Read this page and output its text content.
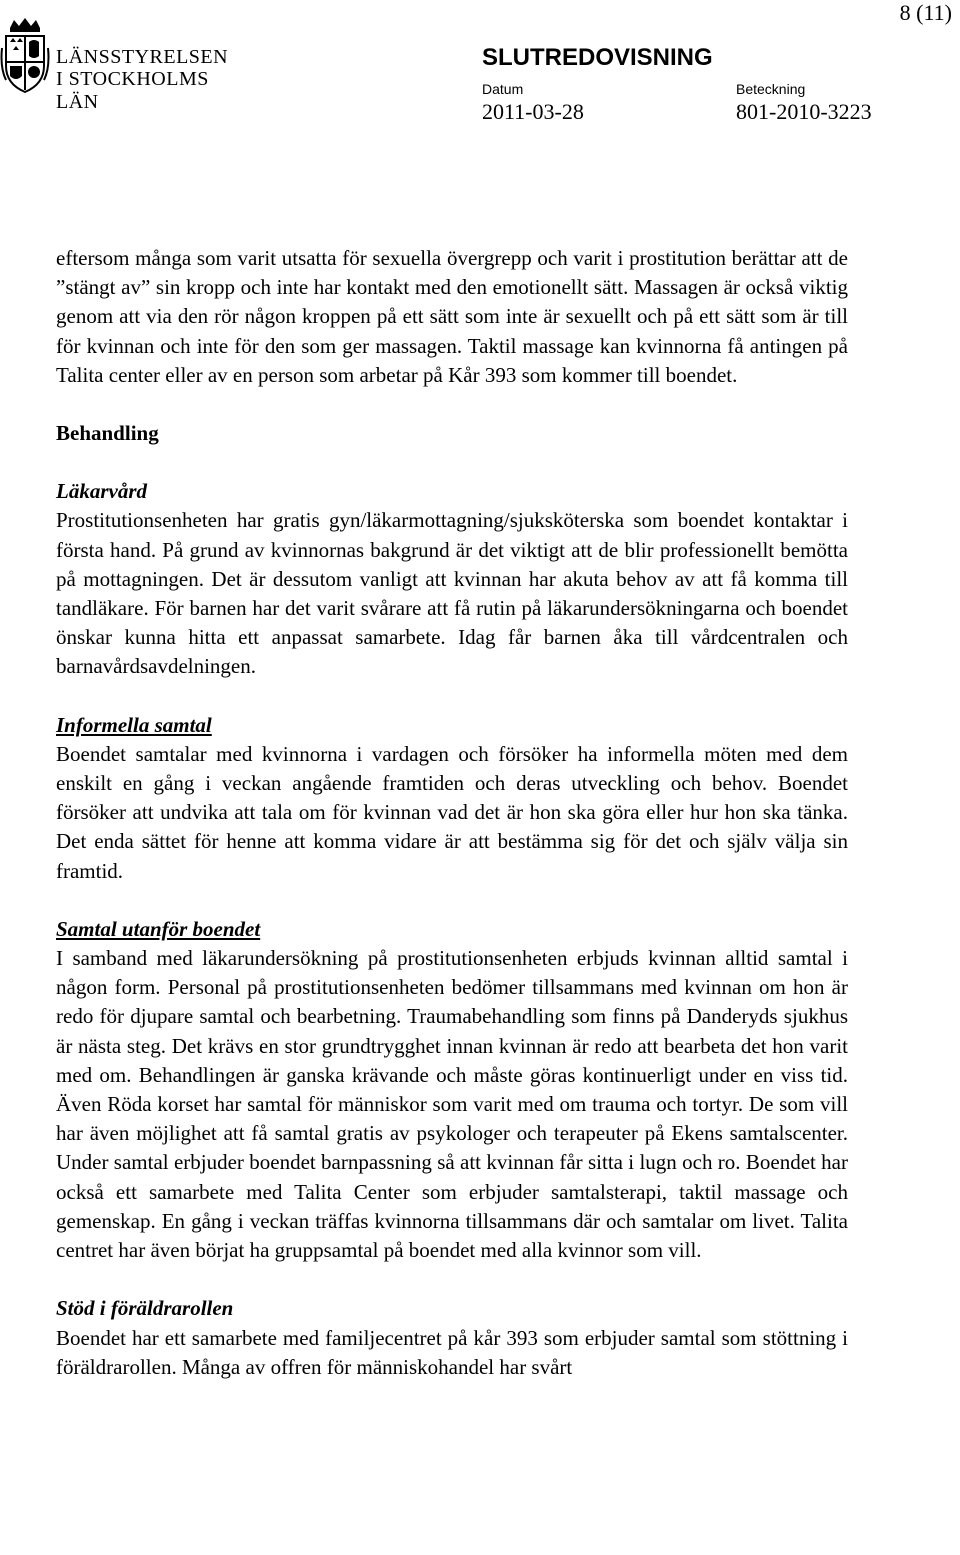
8 (11)
LÄNSSTYRELSEN
I STOCKHOLMS LÄN
SLUTREDOVISNING
Datum
2011-03-28
Beteckning
801-2010-3223

eftersom många som varit utsatta för sexuella övergrepp och varit i prostitution berättar att de ”stängt av” sin kropp och inte har kontakt med den emotionellt sätt. Massagen är också viktig genom att via den rör någon kroppen på ett sätt som inte är sexuellt och på ett sätt som är till för kvinnan och inte för den som ger massagen. Taktil massage kan kvinnorna få antingen på Talita center eller av en person som arbetar på Kår 393 som kommer till boendet.

Behandling
Läkarvård

Prostitutionsenheten har gratis gyn/läkarmottagning/sjuksköterska som boendet kontaktar i första hand. På grund av kvinnornas bakgrund är det viktigt att de blir professionellt bemötta på mottagningen. Det är dessutom vanligt att kvinnan har akuta behov av att få komma till tandläkare. För barnen har det varit svårare att få rutin på läkarundersökningarna och boendet önskar kunna hitta ett anpassat samarbete. Idag får barnen åka till vårdcentralen och barnavårdsavdelningen.

Informella samtal

Boendet samtalar med kvinnorna i vardagen och försöker ha informella möten med dem enskilt en gång i veckan angående framtiden och deras utveckling och behov. Boendet försöker att undvika att tala om för kvinnan vad det är hon ska göra eller hur hon ska tänka. Det enda sättet för henne att komma vidare är att bestämma sig för det och själv välja sin framtid.

Samtal utanför boendet

I samband med läkarundersökning på prostitutionsenheten erbjuds kvinnan alltid samtal i någon form. Personal på prostitutionsenheten bedömer tillsammans med kvinnan om hon är redo för djupare samtal och bearbetning. Traumabehandling som finns på Danderyds sjukhus är nästa steg. Det krävs en stor grundtrygghet innan kvinnan är redo att bearbeta det hon varit med om. Behandlingen är ganska krävande och måste göras kontinuerligt under en viss tid. Även Röda korset har samtal för människor som varit med om trauma och tortyr. De som vill har även möjlighet att få samtal gratis av psykologer och terapeuter på Ekens samtalscenter. Under samtal erbjuder boendet barnpassning så att kvinnan får sitta i lugn och ro. Boendet har också ett samarbete med Talita Center som erbjuder samtalsterapi, taktil massage och gemenskap. En gång i veckan träffas kvinnorna tillsammans där och samtalar om livet. Talita centret har även börjat ha gruppsamtal på boendet med alla kvinnor som vill.

Stöd i föräldrarollen

Boendet har ett samarbete med familjecentret på kår 393 som erbjuder samtal som stöttning i föräldrarollen. Många av offren för människohandel har svårt
